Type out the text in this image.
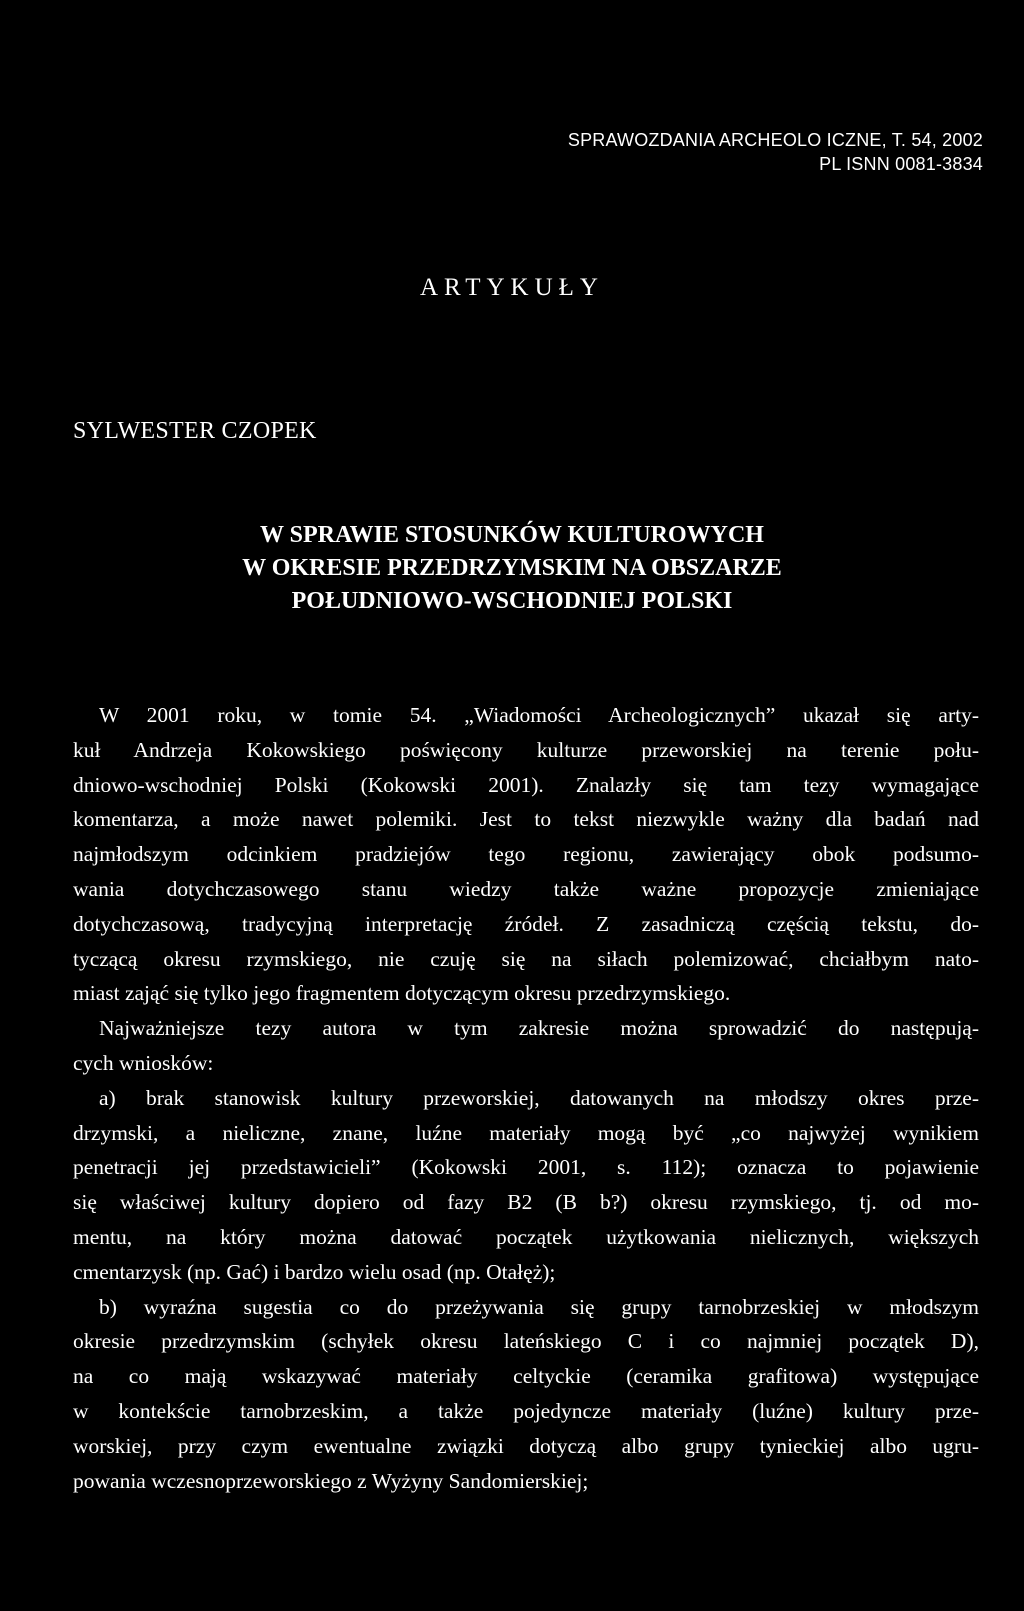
SPRAWOZDANIA ARCHEOLO ICZNE, T. 54, 2002
PL ISNN 0081-3834
ARTYKUŁY
SYLWESTER CZOPEK
W SPRAWIE STOSUNKÓW KULTUROWYCH
W OKRESIE PRZEDRZYMSKIM NA OBSZARZE
POŁUDNIOWO-WSCHODNIEJ POLSKI
W 2001 roku, w tomie 54. „Wiadomości Archeologicznych” ukazał się arty-
kuł Andrzeja Kokowskiego poświęcony kulturze przeworskiej na terenie połu-
dniowo-wschodniej Polski (Kokowski 2001). Znalazły się tam tezy wymagające
komentarza, a może nawet polemiki. Jest to tekst niezwykle ważny dla badań nad
najmłodszym odcinkiem pradziejów tego regionu, zawierający obok podsumo-
wania dotychczasowego stanu wiedzy także ważne propozycje zmieniające
dotychczasową, tradycyjną interpretację źródeł. Z zasadniczą częścią tekstu, do-
tyczącą okresu rzymskiego, nie czuję się na siłach polemizować, chciałbym nato-
miast zająć się tylko jego fragmentem dotyczącym okresu przedrzymskiego.
Najważniejsze tezy autora w tym zakresie można sprowadzić do następują-
cych wniosków:
a) brak stanowisk kultury przeworskiej, datowanych na młodszy okres prze-
drzymski, a nieliczne, znane, luźne materiały mogą być „co najwyżej wynikiem
penetracji jej przedstawicieli” (Kokowski 2001, s. 112); oznacza to pojawienie
się właściwej kultury dopiero od fazy B2 (B b?) okresu rzymskiego, tj. od mo-
mentu, na który można datować początek użytkowania nielicznych, większych
cmentarzysk (np. Gać) i bardzo wielu osad (np. Otałęż);
b) wyraźna sugestia co do przeżywania się grupy tarnobrzeskiej w młodszym
okresie przedrzymskim (schyłek okresu lateńskiego C i co najmniej początek D),
na co mają wskazywać materiały celtyckie (ceramika grafitowa) występujące
w kontekście tarnobrzeskim, a także pojedyncze materiały (luźne) kultury prze-
worskiej, przy czym ewentualne związki dotyczą albo grupy tynieckiej albo ugru-
powania wczesnoprzeworskiego z Wyżyny Sandomierskiej;
